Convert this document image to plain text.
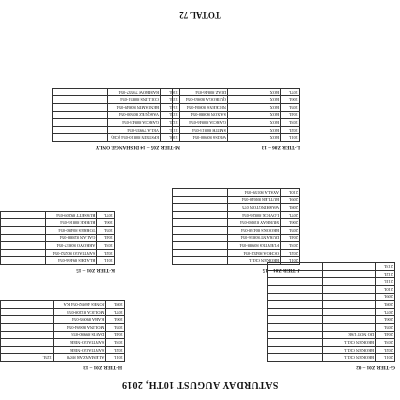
SATURDAY AUGUST 10TH, 2019
G-TIER Z01 – 02
201L	BROKEN CELL	
202L	BROKEN CELL	
203L	BROKEN CELL	
204L	DO NOT USE	
205L		
206L		
207L		
208L		
209L		
210L		
211L		
212L		
213L		
H-TIER Z01 – 13
101L	ALEMANZAR 8978	125L
102L	SANTIAGO-NIEB	
103L	SANTIAGO-NIEB	
104L	DAVIS 89980-053	
105L	MOLINA 80694-054	
106L	KABA 89095-054	
107L	MOLICA 81208-053	
108L	JONES 46892-054 KA	
J-TIER Z01 – 15
201L	BROKEN CELL	
202L	OCHOA 80452-054	
203L	FUENTES 80988-054	
204L	DURANT 80816-054	
205L	BROOKS 80438-054	
206L	MURRAY 81880-054	
207L	LOVICK 80826-054	
208L	WASHINGTON 075	
209L	BUTLER 88840-054	
210L	AYALA 80159-054	
K-TIER Z01 – 15
101L	BLADES 89466-054	
102L	SANTIAGO 80252-054	
103L	ARROYO 80817-054	
104L	GALAN 82888-054	
105L	TORRES 80480-054	
106L	BURKE 80816-054	
107L	BUSSETT 89209-054	
L-TIER Z06 – 13
101L	BOX	WEISS 80900-054
102L	BOX	SMITH 80813-054
103L	BOX	GARCIA 80846-054
104L	BOX	SAXON 80880-054
105L	BOX	NICKENS 80804-054
106L	BOX	QUIROGA 80863-054
107L	BOX	DIAZ 80846-054
M-TIER Z05 – 14 DISHANGE ONLY
110L	EPSTEIN 80810-054 (CB)	
111L	VELA 79955-054	
112L	GARCIA 80843-054	
113L	VASQUEZ 80500-054	
114L	BENJAMIN 80849-054	
115L	COLLINS 80851-054	
116L	RAMBOW 79557-054	
TOTAL 72
